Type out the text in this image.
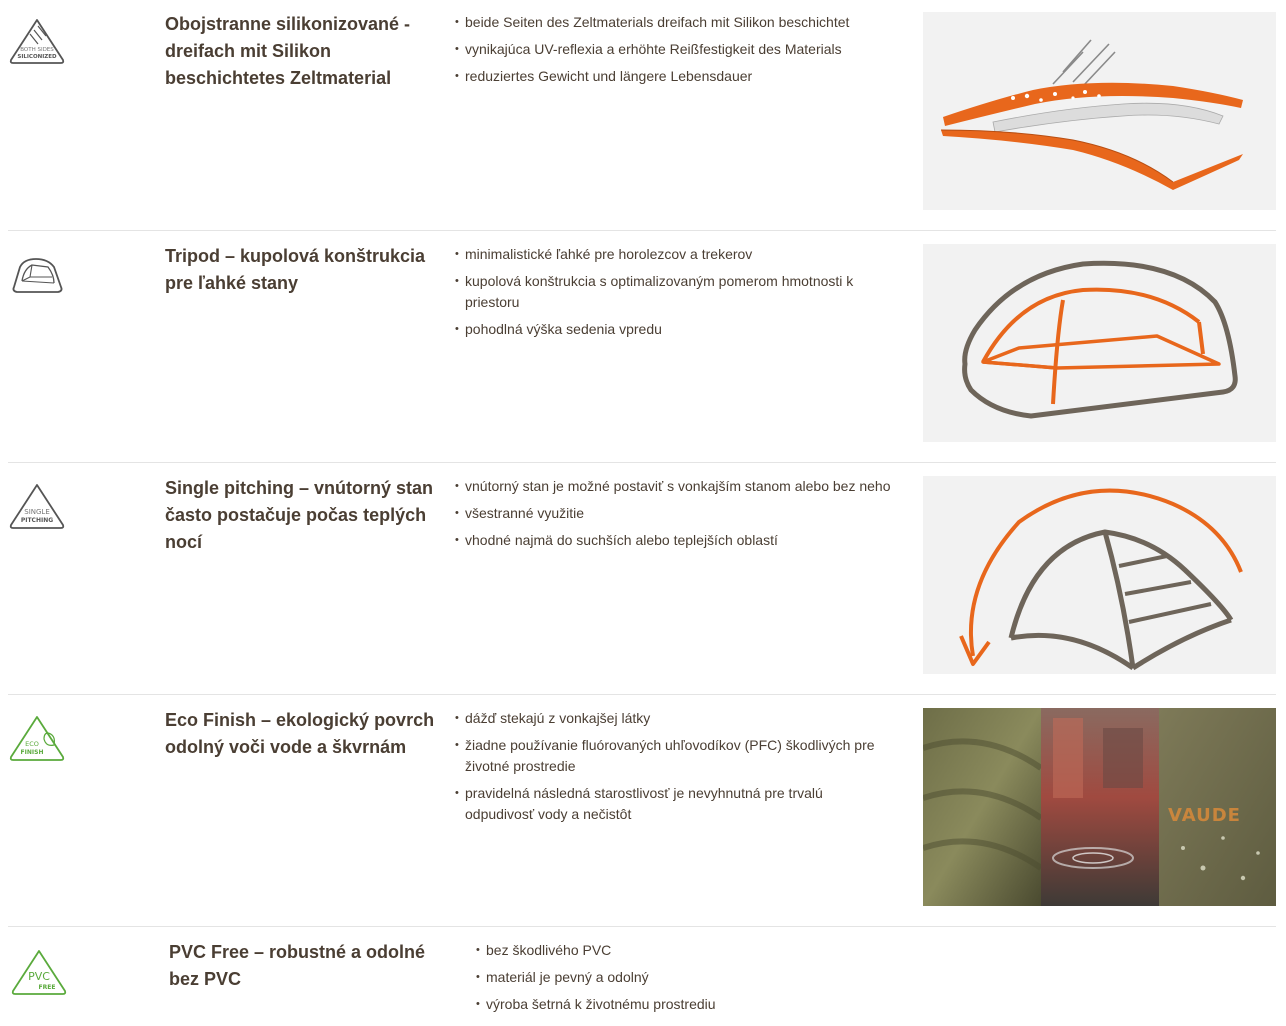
BOTH SIDES
SILICONIZED
Obojstranne silikonizované - dreifach mit Silikon beschichtetes Zeltmaterial
• beide Seiten des Zeltmaterials dreifach mit Silikon beschichtet
• vynikajúca UV-reflexia a erhöhte Reißfestigkeit des Materials
• reduziertes Gewicht und längere Lebensdauer
Tripod – kupolová konštrukcia pre ľahké stany
• minimalistické ľahké pre horolezcov a trekerov
• kupolová konštrukcia s optimalizovaným pomerom hmotnosti k priestoru
• pohodlná výška sedenia vpredu
SINGLE
PITCHING
Single pitching – vnútorný stan často postačuje počas teplých nocí
• vnútorný stan je možné postaviť s vonkajším stanom alebo bez neho
• všestranné využitie
• vhodné najmä do suchších alebo teplejších oblastí
ECO
FINISH
Eco Finish – ekologický povrch odolný voči vode a škvrnám
• dážď stekajú z vonkajšej látky
• žiadne používanie fluórovaných uhľovodíkov (PFC) škodlivých pre životné prostredie
• pravidelná následná starostlivosť je nevyhnutná pre trvalú odpudivosť vody a nečistôt	VAUDE
PVC
FREE
PVC Free – robustné a odolné bez PVC
• bez škodlivého PVC
• materiál je pevný a odolný
• výroba šetrná k životnému prostrediu
